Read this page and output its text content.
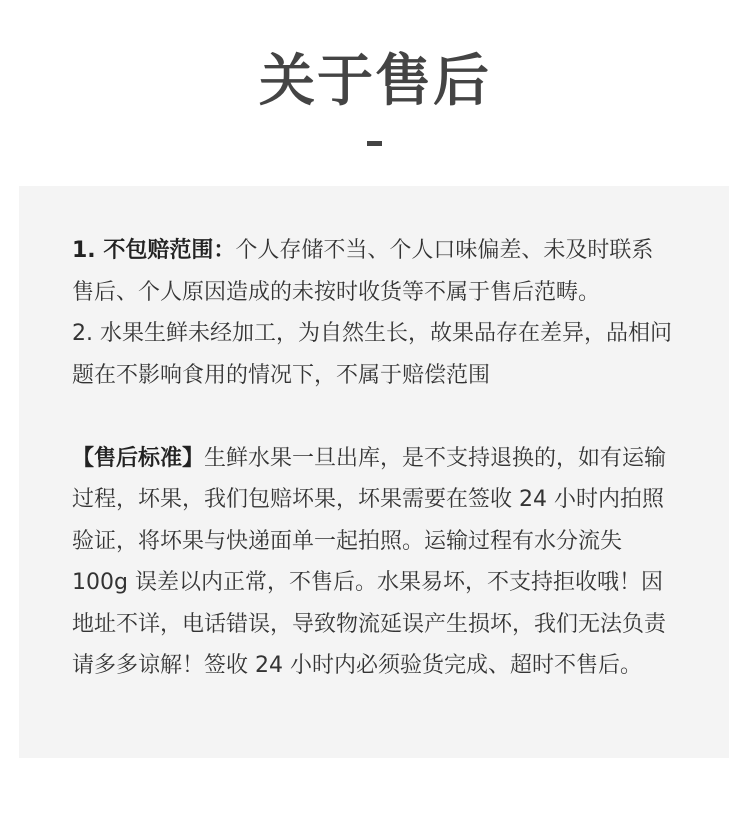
关于售后

1. 不包赔范围：个人存储不当、个人口味偏差、未及时联系售后、个人原因造成的未按时收货等不属于售后范畴。

2. 水果生鲜未经加工，为自然生长，故果品存在差异，品相问题在不影响食用的情况下，不属于赔偿范围

【售后标准】生鲜水果一旦出库，是不支持退换的，如有运输过程，坏果，我们包赔坏果，坏果需要在签收 24 小时内拍照验证，将坏果与快递面单一起拍照。运输过程有水分流失 100g 误差以内正常，不售后。水果易坏，不支持拒收哦！因地址不详，电话错误，导致物流延误产生损坏，我们无法负责请多多谅解！签收 24 小时内必须验货完成、超时不售后。
